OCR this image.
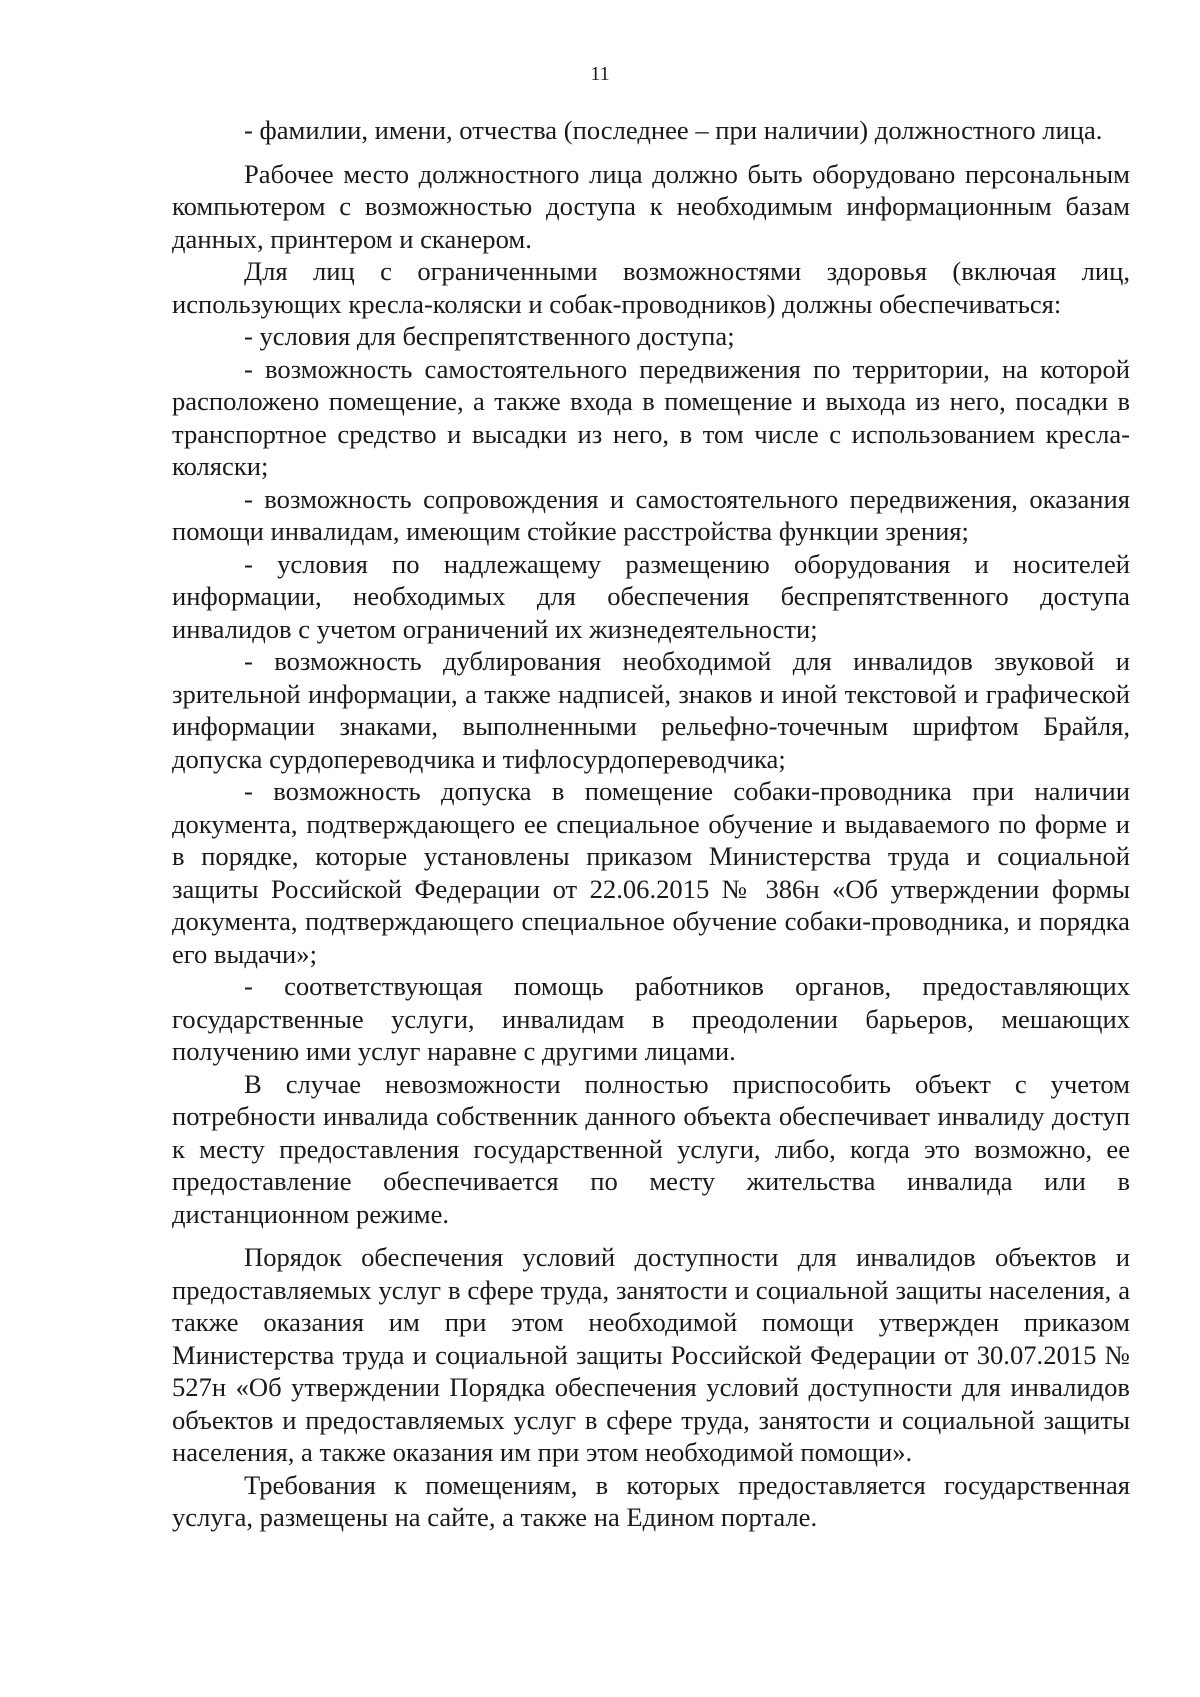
11

- фамилии, имени, отчества (последнее – при наличии) должностного лица.

Рабочее место должностного лица должно быть оборудовано персональным компьютером с возможностью доступа к необходимым информационным базам данных, принтером и сканером.

Для лиц с ограниченными возможностями здоровья (включая лиц, использующих кресла-коляски и собак-проводников) должны обеспечиваться:

- условия для беспрепятственного доступа;

- возможность самостоятельного передвижения по территории, на которой расположено помещение, а также входа в помещение и выхода из него, посадки в транспортное средство и высадки из него, в том числе с использованием кресла-коляски;

- возможность сопровождения и самостоятельного передвижения, оказания помощи инвалидам, имеющим стойкие расстройства функции зрения;

- условия по надлежащему размещению оборудования и носителей информации, необходимых для обеспечения беспрепятственного доступа инвалидов с учетом ограничений их жизнедеятельности;

- возможность дублирования необходимой для инвалидов звуковой и зрительной информации, а также надписей, знаков и иной текстовой и графической информации знаками, выполненными рельефно-точечным шрифтом Брайля, допуска сурдопереводчика и тифлосурдопереводчика;

- возможность допуска в помещение собаки-проводника при наличии документа, подтверждающего ее специальное обучение и выдаваемого по форме и в порядке, которые установлены приказом Министерства труда и социальной защиты Российской Федерации от 22.06.2015 № 386н «Об утверждении формы документа, подтверждающего специальное обучение собаки-проводника, и порядка его выдачи»;

- соответствующая помощь работников органов, предоставляющих государственные услуги, инвалидам в преодолении барьеров, мешающих получению ими услуг наравне с другими лицами.

В случае невозможности полностью приспособить объект с учетом потребности инвалида собственник данного объекта обеспечивает инвалиду доступ к месту предоставления государственной услуги, либо, когда это возможно, ее предоставление обеспечивается по месту жительства инвалида или в дистанционном режиме.

Порядок обеспечения условий доступности для инвалидов объектов и предоставляемых услуг в сфере труда, занятости и социальной защиты населения, а также оказания им при этом необходимой помощи утвержден приказом Министерства труда и социальной защиты Российской Федерации от 30.07.2015 № 527н «Об утверждении Порядка обеспечения условий доступности для инвалидов объектов и предоставляемых услуг в сфере труда, занятости и социальной защиты населения, а также оказания им при этом необходимой помощи».

Требования к помещениям, в которых предоставляется государственная услуга, размещены на сайте, а также на Едином портале.
